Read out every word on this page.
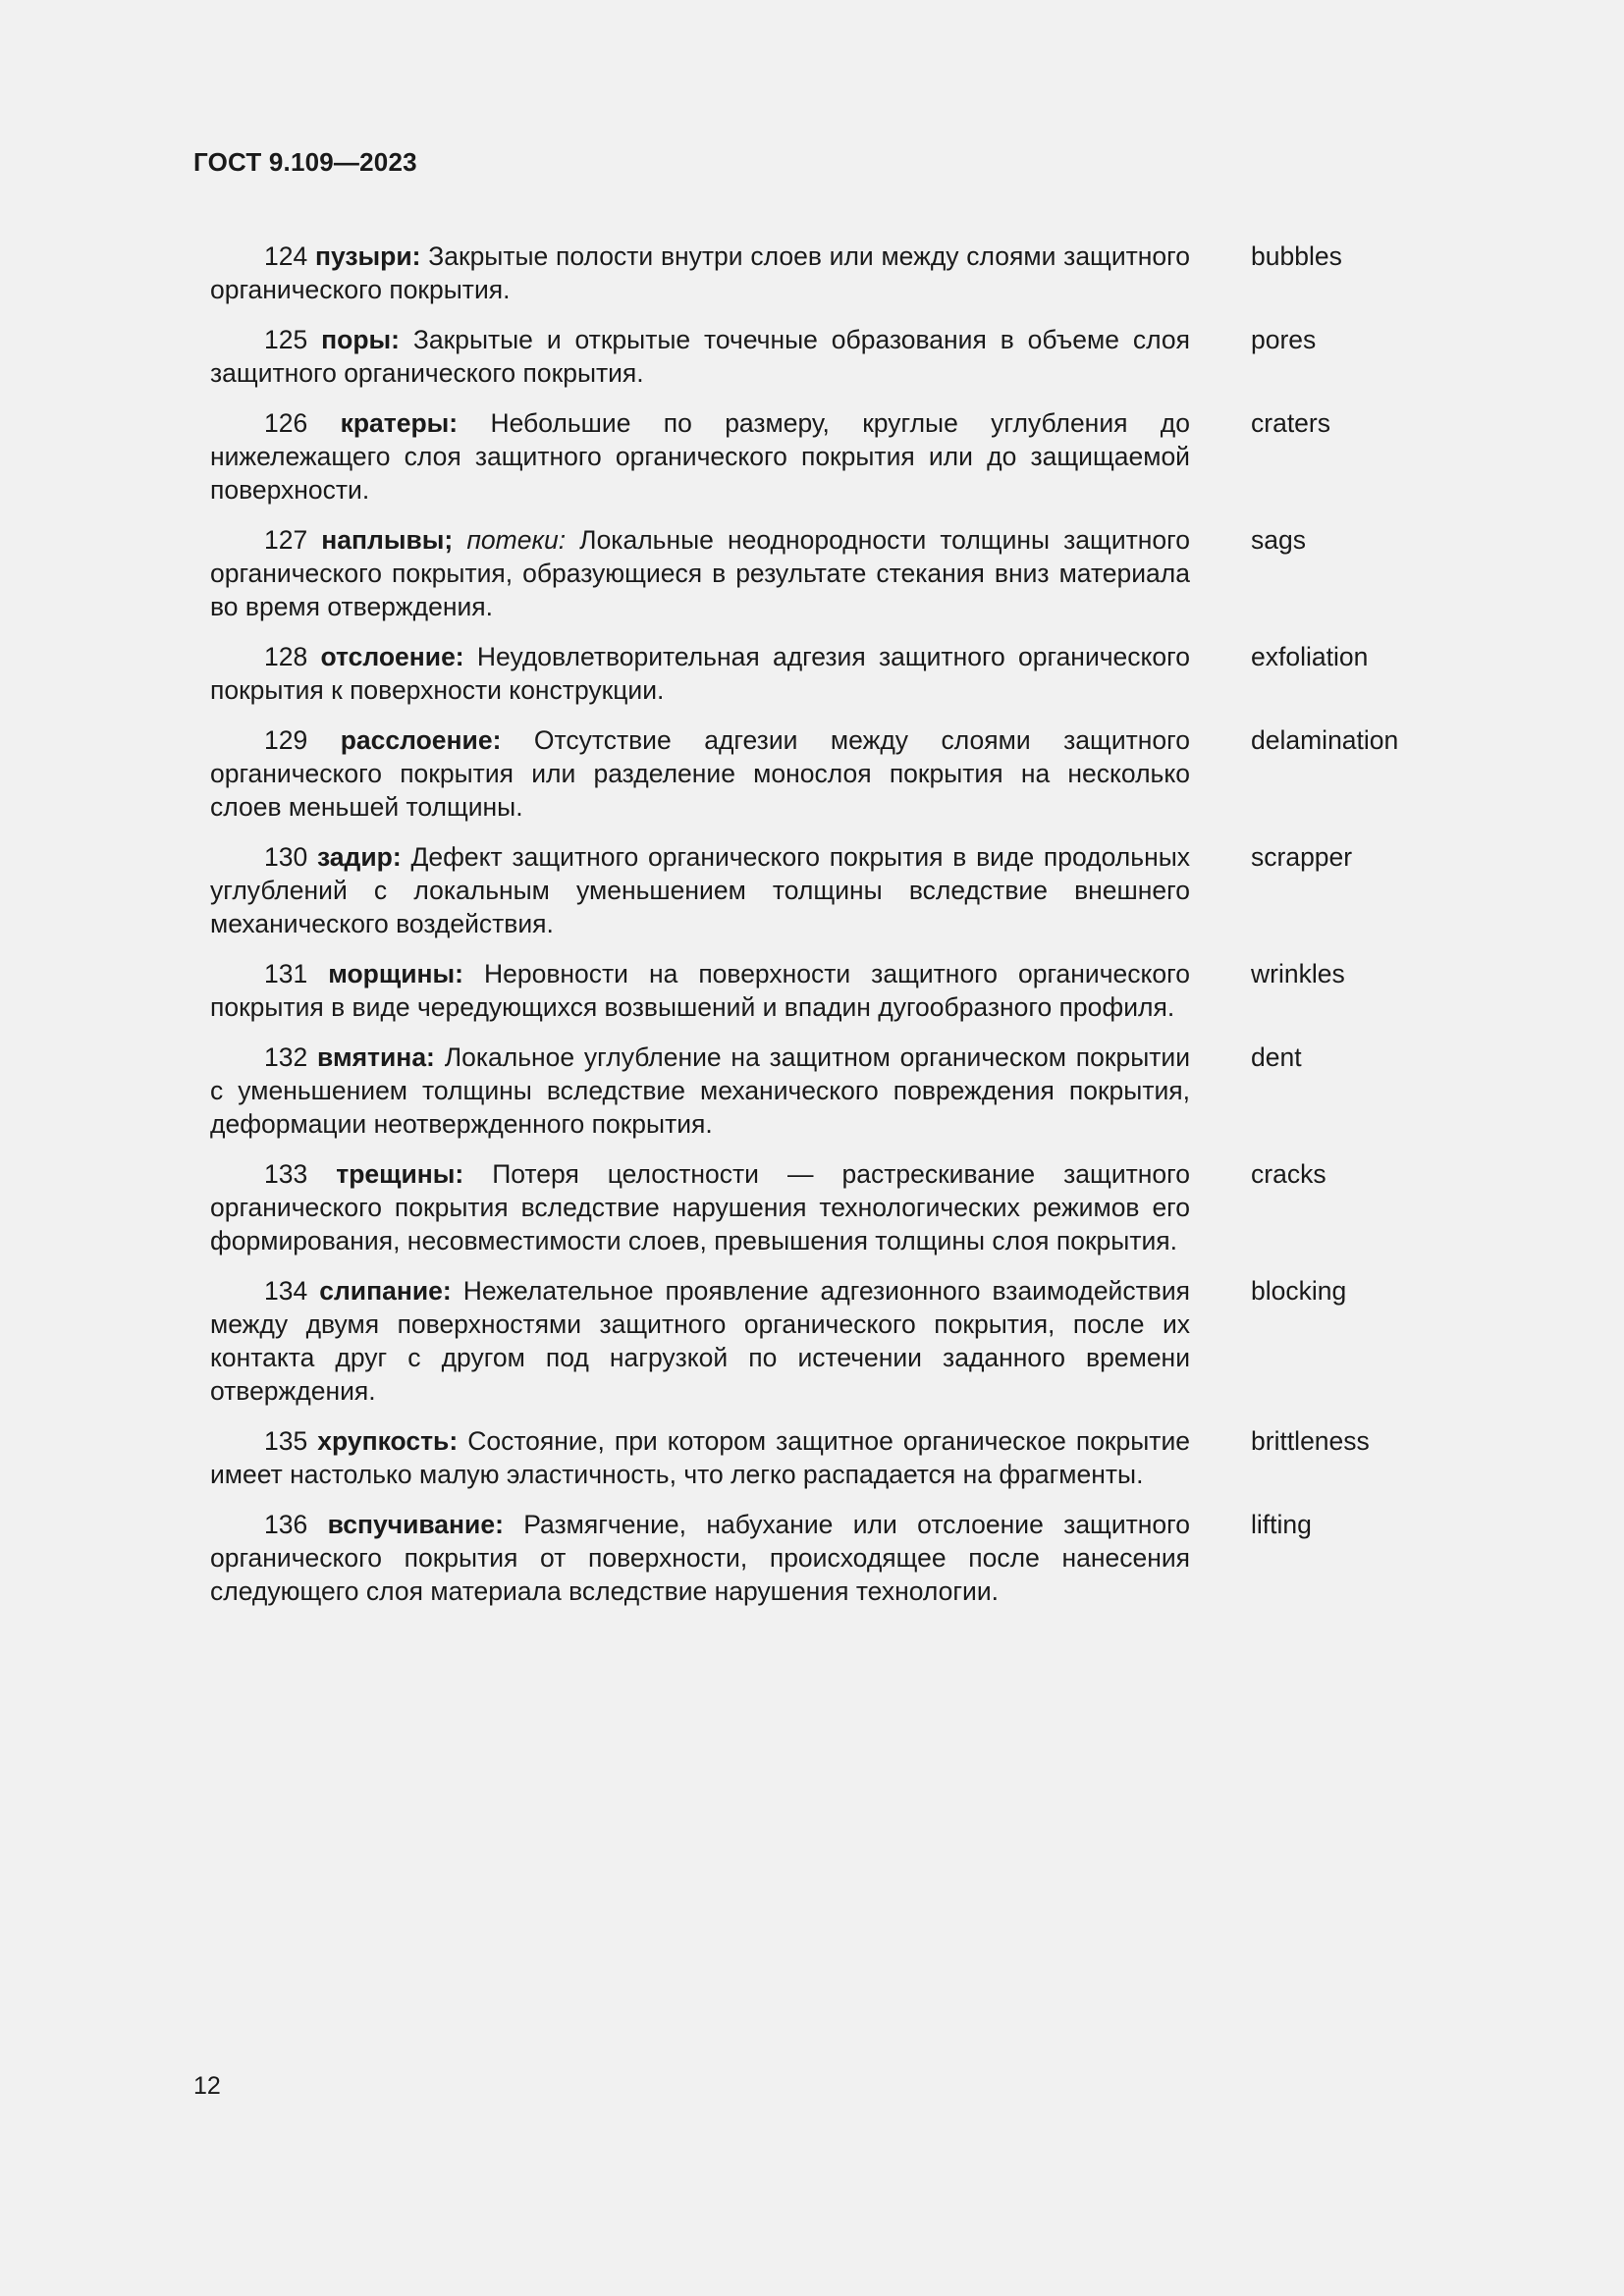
ГОСТ 9.109—2023
124 пузыри: Закрытые полости внутри слоев или между слоями защитного органического покрытия.
bubbles
125 поры: Закрытые и открытые точечные образования в объеме слоя защитного органического покрытия.
pores
126 кратеры: Небольшие по размеру, круглые углубления до нижележащего слоя защитного органического покрытия или до защищаемой поверхности.
craters
127 наплывы; потеки: Локальные неоднородности толщины защитного органического покрытия, образующиеся в результате стекания вниз материала во время отверждения.
sags
128 отслоение: Неудовлетворительная адгезия защитного органического покрытия к поверхности конструкции.
exfoliation
129 расслоение: Отсутствие адгезии между слоями защитного органического покрытия или разделение монослоя покрытия на несколько слоев меньшей толщины.
delamination
130 задир: Дефект защитного органического покрытия в виде продольных углублений с локальным уменьшением толщины вследствие внешнего механического воздействия.
scrapper
131 морщины: Неровности на поверхности защитного органического покрытия в виде чередующихся возвышений и впадин дугообразного профиля.
wrinkles
132 вмятина: Локальное углубление на защитном органическом покрытии с уменьшением толщины вследствие механического повреждения покрытия, деформации неотвержденного покрытия.
dent
133 трещины: Потеря целостности — растрескивание защитного органического покрытия вследствие нарушения технологических режимов его формирования, несовместимости слоев, превышения толщины слоя покрытия.
cracks
134 слипание: Нежелательное проявление адгезионного взаимодействия между двумя поверхностями защитного органического покрытия, после их контакта друг с другом под нагрузкой по истечении заданного времени отверждения.
blocking
135 хрупкость: Состояние, при котором защитное органическое покрытие имеет настолько малую эластичность, что легко распадается на фрагменты.
brittleness
136 вспучивание: Размягчение, набухание или отслоение защитного органического покрытия от поверхности, происходящее после нанесения следующего слоя материала вследствие нарушения технологии.
lifting
12
